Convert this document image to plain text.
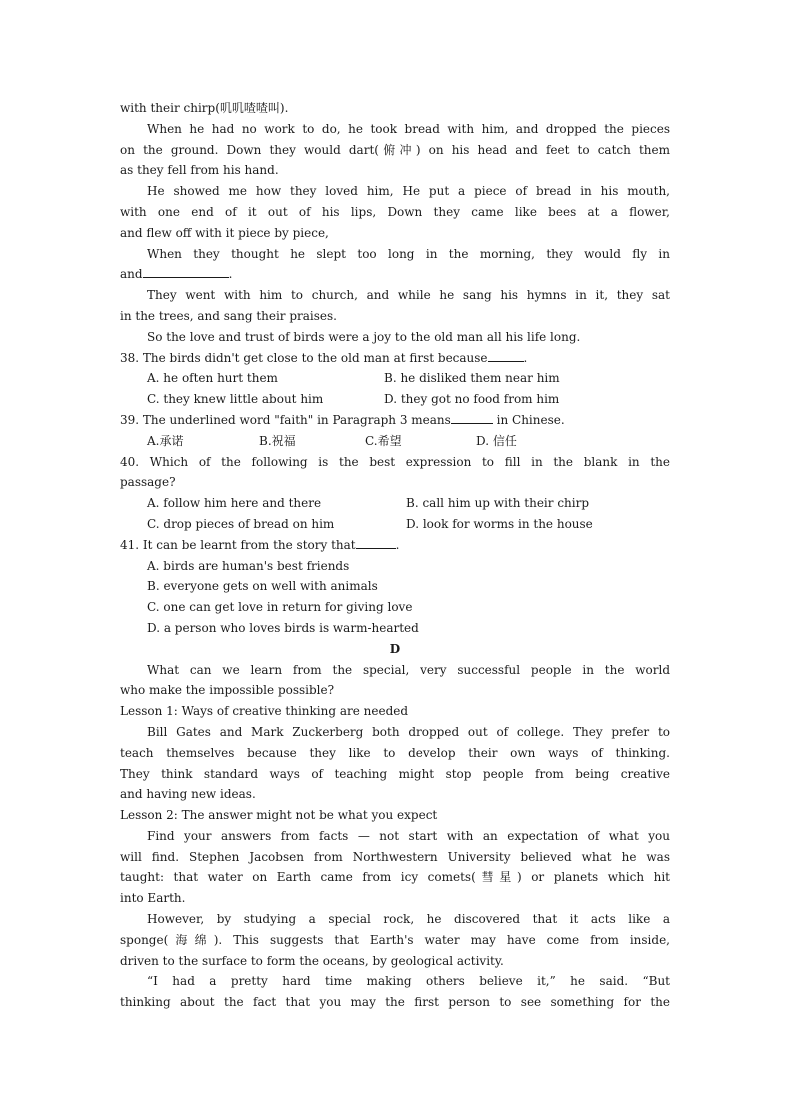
with their chirp(叽叽喳喳叫).
When he had no work to do, he took bread with him, and dropped the pieces
on the ground. Down they would dart(俯冲) on his head and feet to catch them
as they fell from his hand.
He showed me how they loved him, He put a piece of bread in his mouth,
with one end of it out of his lips, Down they came like bees at a flower,
and flew off with it piece by piece,
When they thought he slept too long in the morning, they would fly in
and	.
They went with him to church, and while he sang his hymns in it, they sat
in the trees, and sang their praises.
So the love and trust of birds were a joy to the old man all his life long.
38. The birds didn't get close to the old man at first because	.
A. he often hurt them	B. he disliked them near him
C. they knew little about him	D. they got no food from him
39. The underlined word "faith" in Paragraph 3 means	in Chinese.
A.承诺	B.祝福	C.希望	D. 信任
40. Which of the following is the best expression to fill in the blank in the
passage?
A. follow him here and there	B. call him up with their chirp
C. drop pieces of bread on him	D. look for worms in the house
41. It can be learnt from the story that	.
A. birds are human's best friends
B. everyone gets on well with animals
C. one can get love in return for giving love
D. a person who loves birds is warm-hearted
D
What can we learn from the special, very successful people in the world
who make the impossible possible?
Lesson 1: Ways of creative thinking are needed
Bill Gates and Mark Zuckerberg both dropped out of college. They prefer to
teach themselves because they like to develop their own ways of thinking.
They think standard ways of teaching might stop people from being creative
and having new ideas.
Lesson 2: The answer might not be what you expect
Find your answers from facts — not start with an expectation of what you
will find. Stephen Jacobsen from Northwestern University believed what he was
taught: that water on Earth came from icy comets(彗星) or planets which hit
into Earth.
However, by studying a special rock, he discovered that it acts like a
sponge(海绵). This suggests that Earth's water may have come from inside,
driven to the surface to form the oceans, by geological activity.
“I had a pretty hard time making others believe it,” he said. “But
thinking about the fact that you may the first person to see something for the
